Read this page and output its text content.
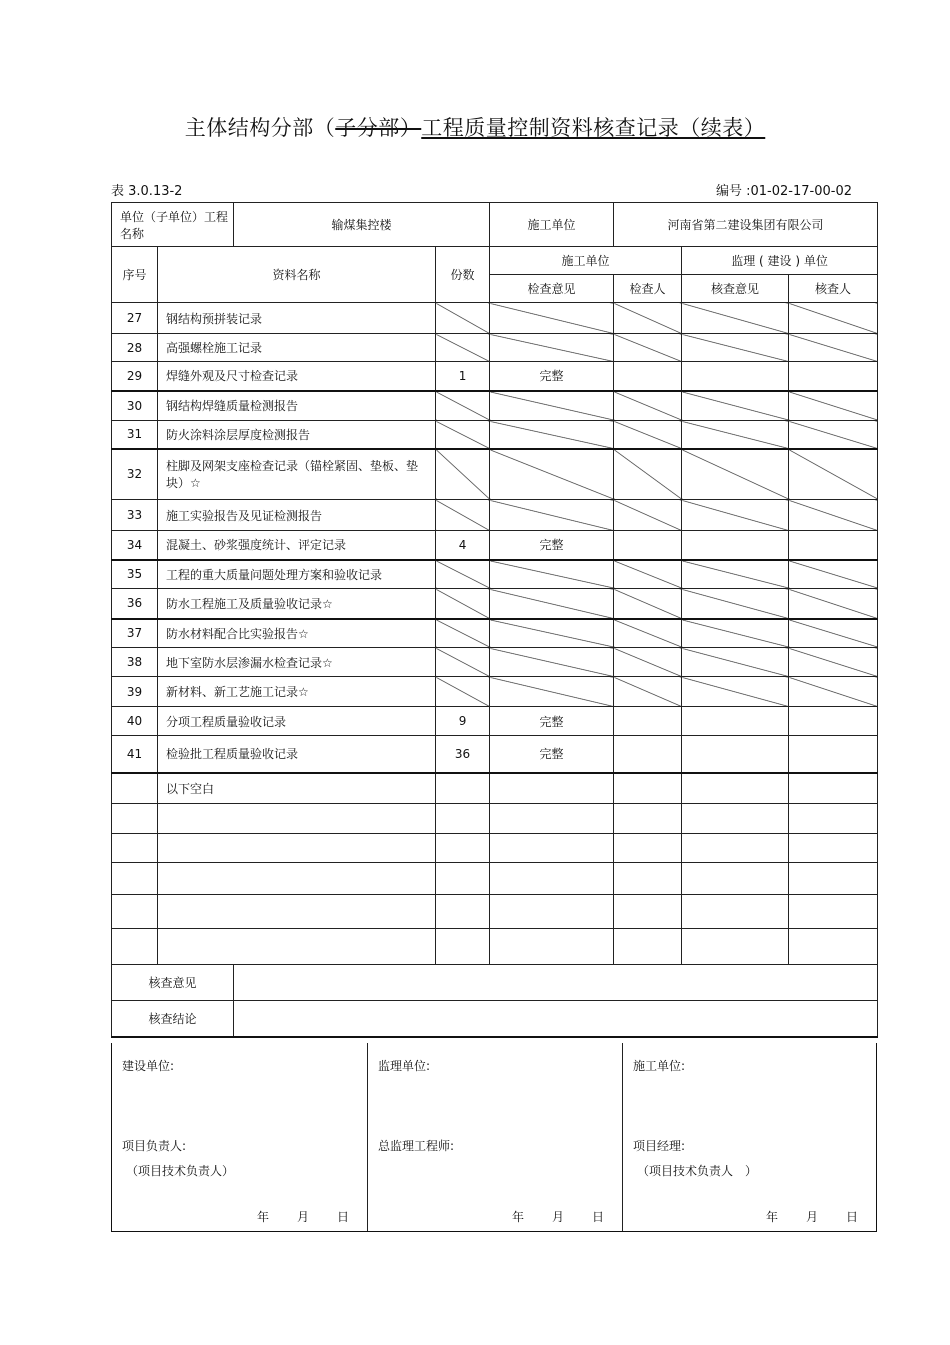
主体结构分部（子分部）工程质量控制资料核查记录（续表）
表 3.0.13-2	编号 :01-02-17-00-02
单位（子单位）工程名称		输煤集控楼		施工单位	河南省第二建设集团有限公司		
序号	资料名称		份数	施工单位		监理 ( 建设 ) 单位	
				检查意见	检查人	核查意见	核查人
27	钢结构预拼装记录						
28	高强螺栓施工记录						
29	焊缝外观及尺寸检查记录		1	完整			
30	钢结构焊缝质量检测报告						
31	防火涂料涂层厚度检测报告						
32	柱脚及网架支座检查记录（锚栓紧固、垫板、垫块）☆						
33	施工实验报告及见证检测报告						
34	混凝土、砂浆强度统计、评定记录		4	完整			
35	工程的重大质量问题处理方案和验收记录						
36	防水工程施工及质量验收记录☆						
37	防水材料配合比实验报告☆						
38	地下室防水层渗漏水检查记录☆						
39	新材料、新工艺施工记录☆						
40	分项工程质量验收记录		9	完整			
41	检验批工程质量验收记录		36	完整			
	以下空白						

核查意见							
核查结论							
建设单位:
项目负责人:
（项目技术负责人）
年 月 日
监理单位:
总监理工程师:
年 月 日
施工单位:
项目经理:
（项目技术负责人　）
年 月 日
